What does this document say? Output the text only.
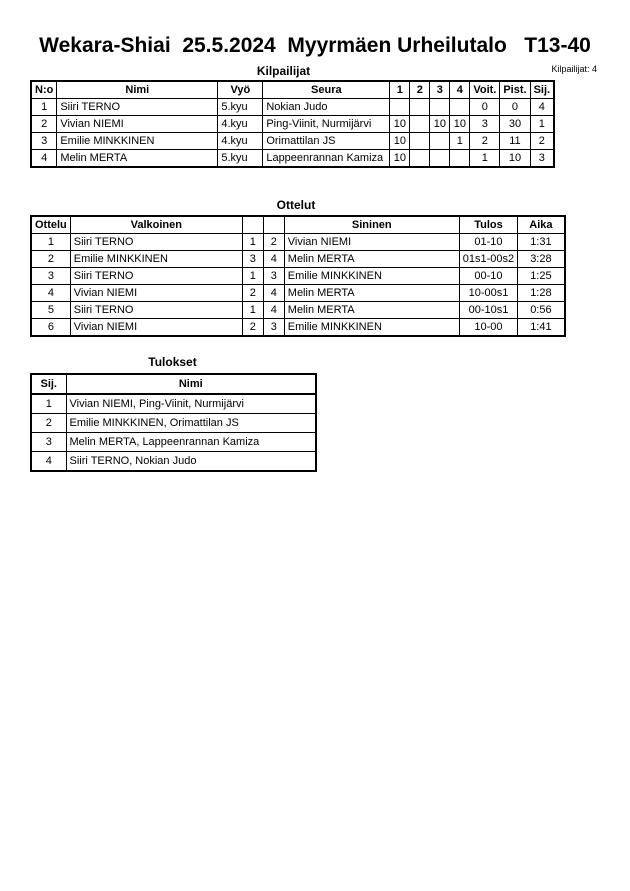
Wekara-Shiai  25.5.2024  Myyrmäen Urheilutalo   T13-40
Kilpailijat: 4
Kilpailijat
N:o	Nimi	Vyö	Seura	1	2	3	4	Voit.	Pist.	Sij.
1	Siiri TERNO	5.kyu	Nokian Judo					0	0	4
2	Vivian NIEMI	4.kyu	Ping-Viinit, Nurmijärvi	10		10	10	3	30	1
3	Emilie MINKKINEN	4.kyu	Orimattilan JS	10			1	2	11	2
4	Melin MERTA	5.kyu	Lappeenrannan Kamiza	10				1	10	3
Ottelut
Ottelu	Valkoinen			Sininen	Tulos	Aika
1	Siiri TERNO	1	2	Vivian NIEMI	01-10	1:31
2	Emilie MINKKINEN	3	4	Melin MERTA	01s1-00s2	3:28
3	Siiri TERNO	1	3	Emilie MINKKINEN	00-10	1:25
4	Vivian NIEMI	2	4	Melin MERTA	10-00s1	1:28
5	Siiri TERNO	1	4	Melin MERTA	00-10s1	0:56
6	Vivian NIEMI	2	3	Emilie MINKKINEN	10-00	1:41
Tulokset
Sij.	Nimi
1	Vivian NIEMI, Ping-Viinit, Nurmijärvi
2	Emilie MINKKINEN, Orimattilan JS
3	Melin MERTA, Lappeenrannan Kamiza
4	Siiri TERNO, Nokian Judo
